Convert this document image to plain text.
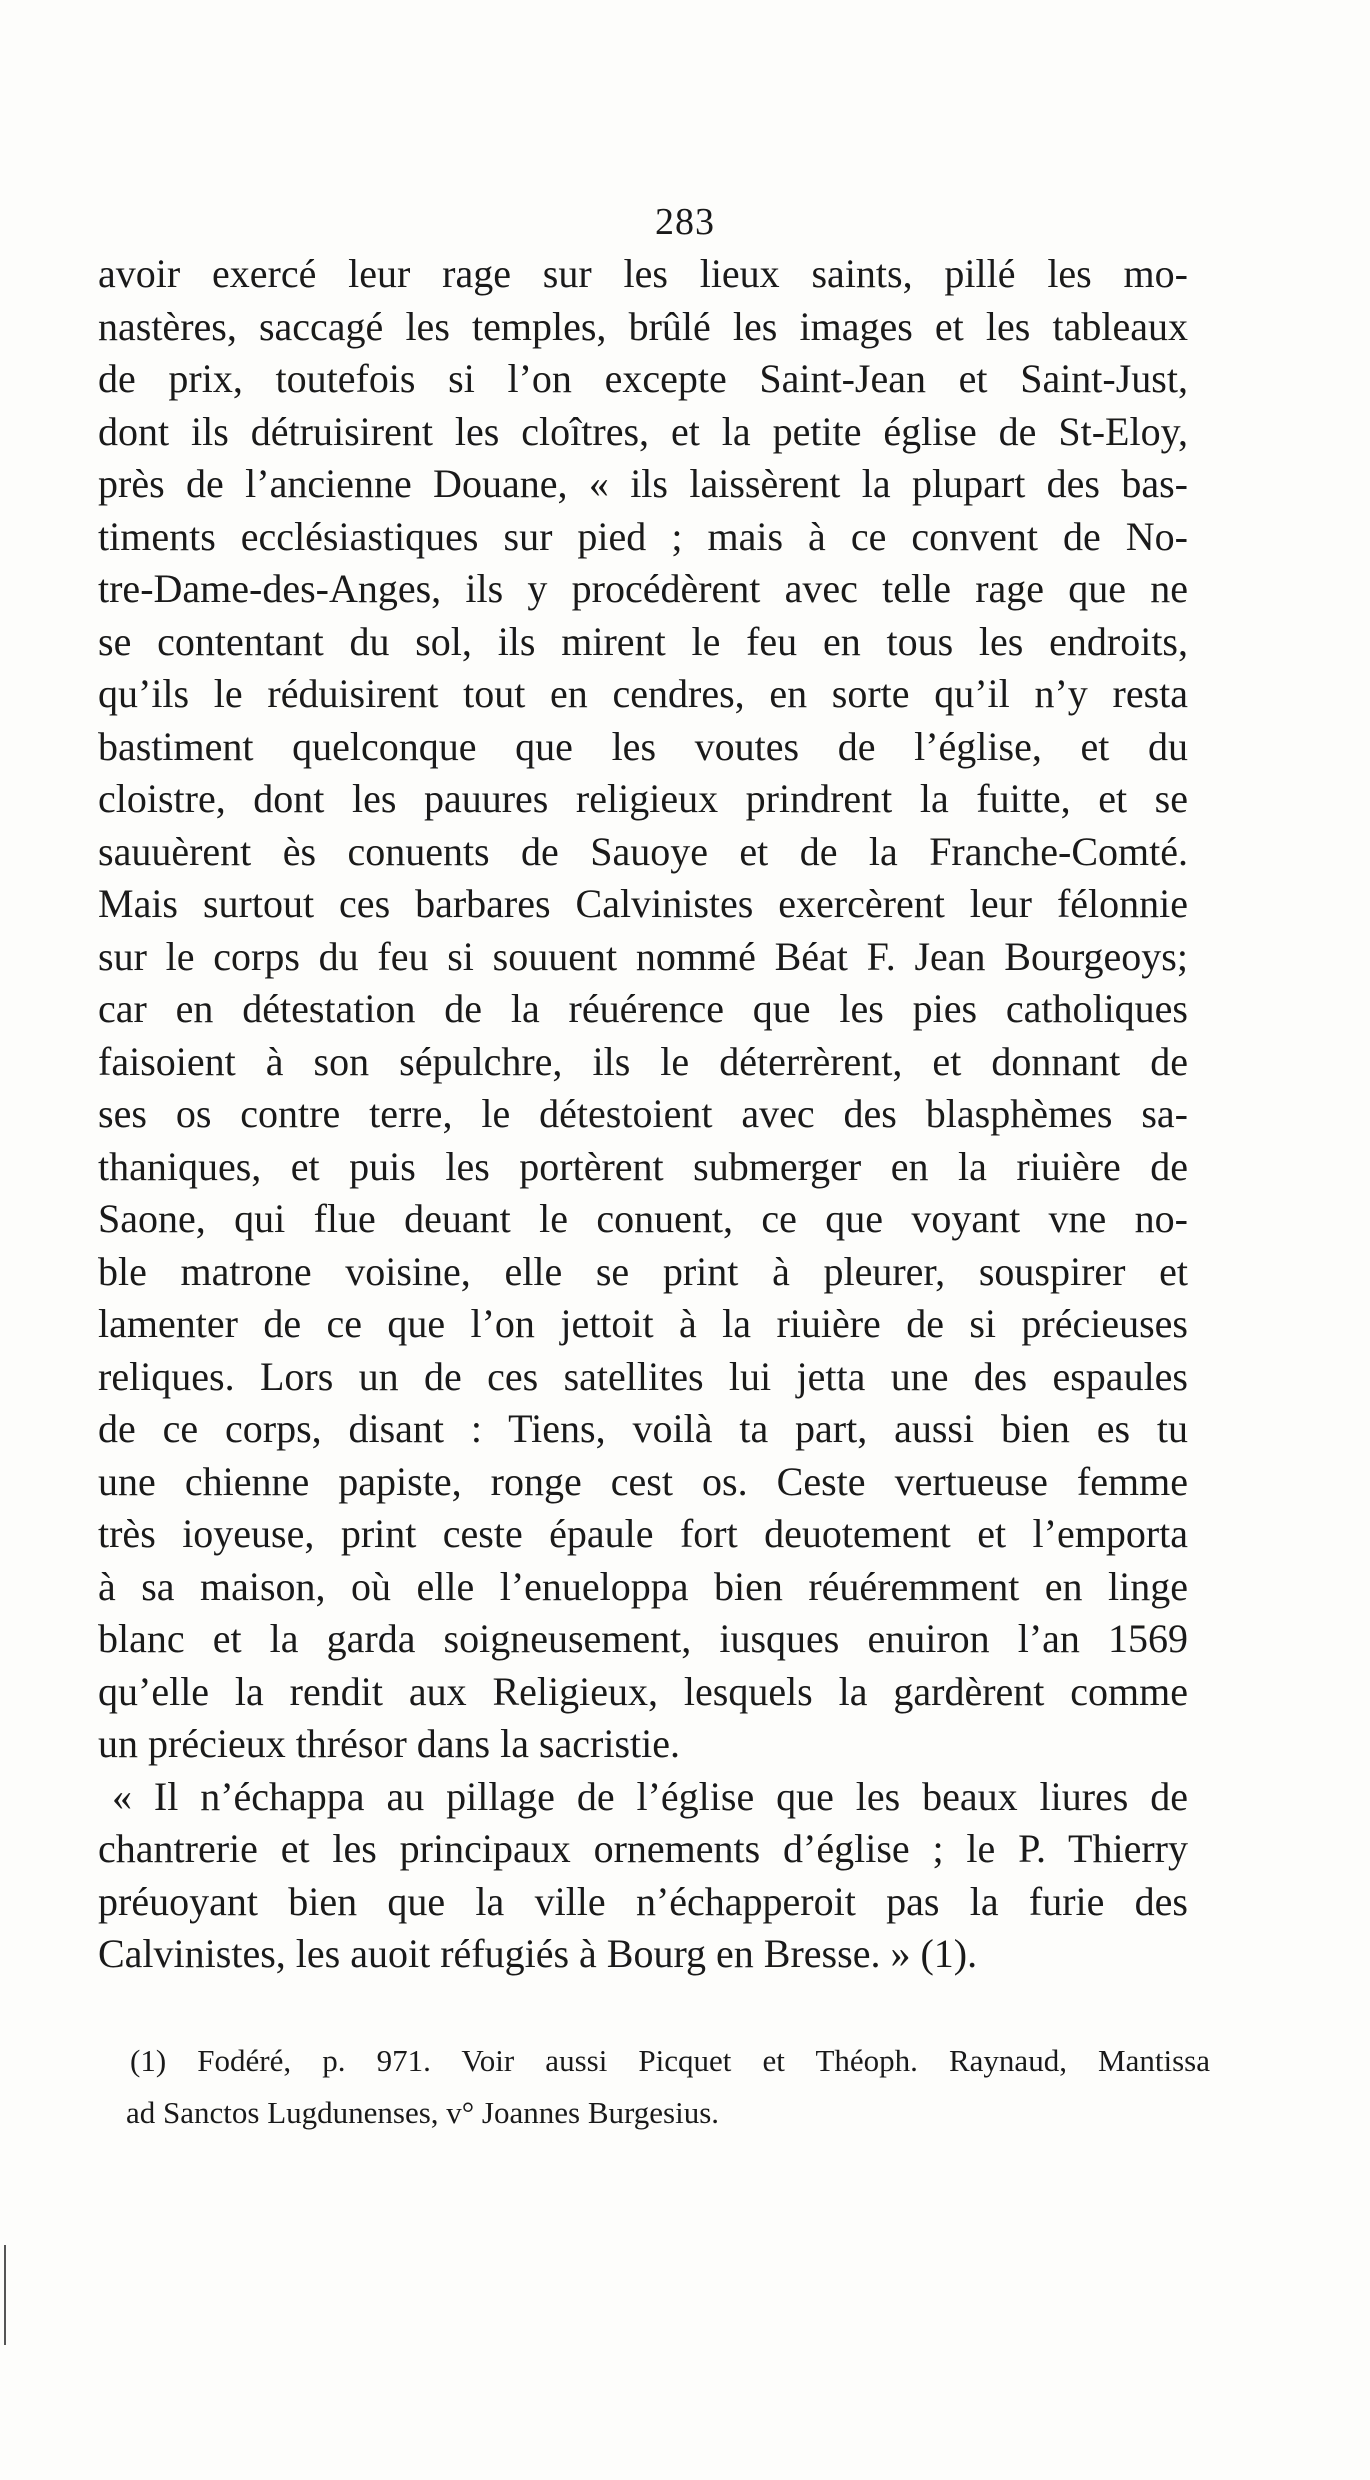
283
avoir exercé leur rage sur les lieux saints, pillé les mo-
nastères, saccagé les temples, brûlé les images et les tableaux
de prix, toutefois si l’on excepte Saint-Jean et Saint-Just,
dont ils détruisirent les cloîtres, et la petite église de St-Eloy,
près de l’ancienne Douane, « ils laissèrent la plupart des bas-
timents ecclésiastiques sur pied ; mais à ce convent de No-
tre-Dame-des-Anges, ils y procédèrent avec telle rage que ne
se contentant du sol, ils mirent le feu en tous les endroits,
qu’ils le réduisirent tout en cendres, en sorte qu’il n’y resta
bastiment quelconque que les voutes de l’église, et du
cloistre, dont les pauures religieux prindrent la fuitte, et se
sauuèrent ès conuents de Sauoye et de la Franche-Comté.
Mais surtout ces barbares Calvinistes exercèrent leur félonnie
sur le corps du feu si souuent nommé Béat F. Jean Bourgeoys;
car en détestation de la réuérence que les pies catholiques
faisoient à son sépulchre, ils le déterrèrent, et donnant de
ses os contre terre, le détestoient avec des blasphèmes sa-
thaniques, et puis les portèrent submerger en la riuière de
Saone, qui flue deuant le conuent, ce que voyant vne no-
ble matrone voisine, elle se print à pleurer, souspirer et
lamenter de ce que l’on jettoit à la riuière de si précieuses
reliques. Lors un de ces satellites lui jetta une des espaules
de ce corps, disant : Tiens, voilà ta part, aussi bien es tu
une chienne papiste, ronge cest os. Ceste vertueuse femme
très ioyeuse, print ceste épaule fort deuotement et l’emporta
à sa maison, où elle l’enueloppa bien réuéremment en linge
blanc et la garda soigneusement, iusques enuiron l’an 1569
qu’elle la rendit aux Religieux, lesquels la gardèrent comme
un précieux thrésor dans la sacristie.
« Il n’échappa au pillage de l’église que les beaux liures de
chantrerie et les principaux ornements d’église ; le P. Thierry
préuoyant bien que la ville n’échapperoit pas la furie des
Calvinistes, les auoit réfugiés à Bourg en Bresse. » (1).
(1) Fodéré, p. 971. Voir aussi Picquet et Théoph. Raynaud, Mantissa
ad Sanctos Lugdunenses, v° Joannes Burgesius.
